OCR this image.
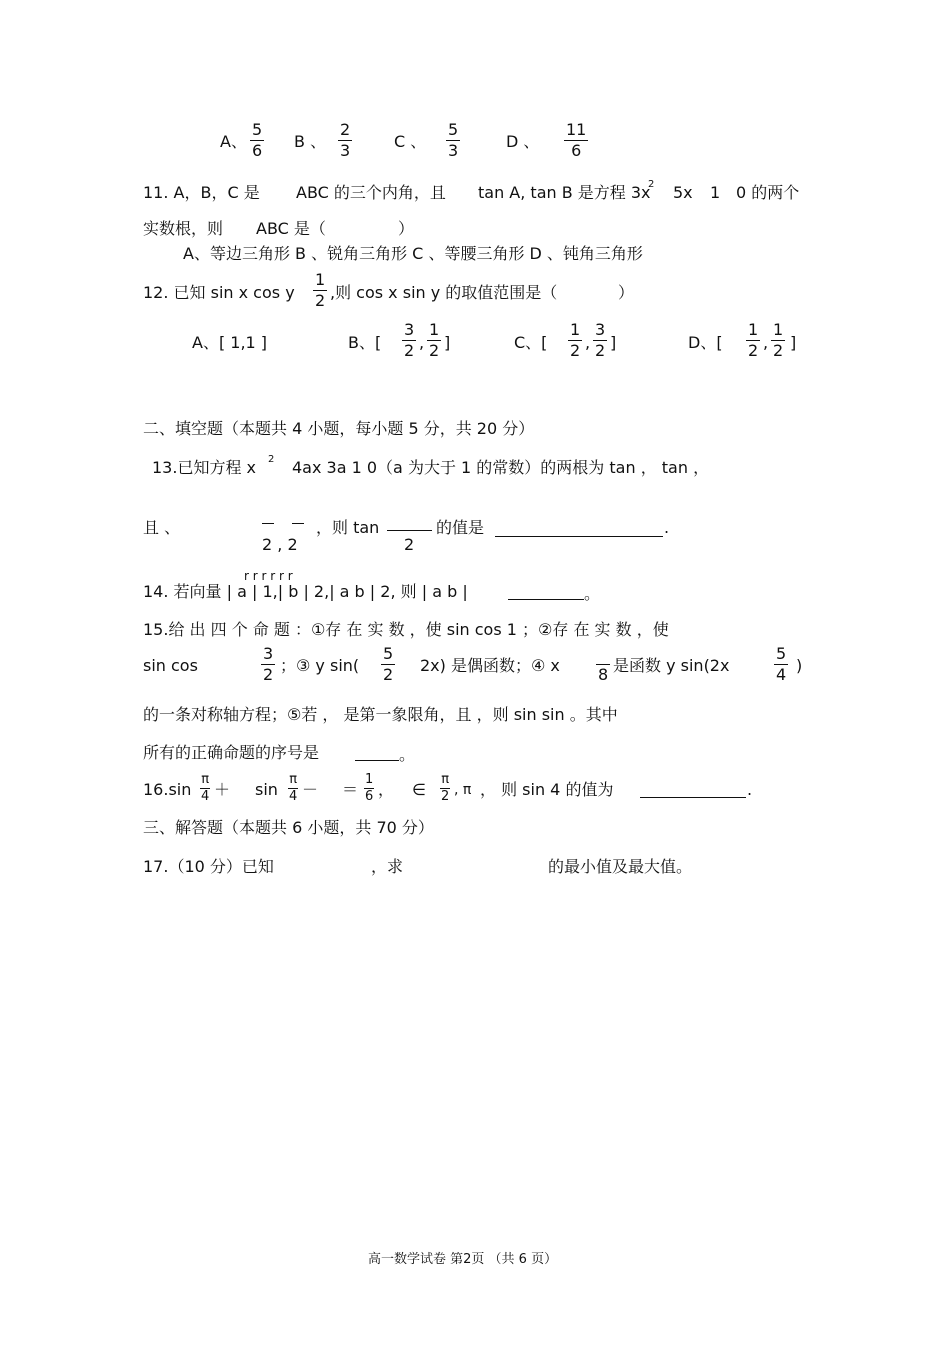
A、
5
6 B 、
2
3	C 、
5
3	D 、
11
6
11. A，B，C 是 ABC 的三个内角，且 tan A, tan B 是方程 3x
2 5x 1 0 的两个
实数根，则 ABC 是（	）
A、等边三角形 B 、锐角三角形 C 、等腰三角形 D 、钝角三角形
12. 已知 sin x cos y
1
2 ,则 cos x sin y 的取值范围是（	）
A、[ 1,1 ]	B、[
3
2 ,
1
2 ]	C、[
1
2 ,
3
2 ]	D、[
1
2 ,
1
2 ]
二、填空题（本题共 4 小题，每小题 5 分，共 20 分）
13.已知方程 x 2 4ax 3a 1 0（a 为大于 1 的常数）的两根为 tan ， tan ，
且 、
2 , 2
，则 tan
2
的值是	.
r r r r r r
14. 若向量 | a | 1,| b | 2,| a b | 2, 则 | a b |	。
15.给 出 四 个 命 题 ：①存 在 实 数 ，使 sin cos 1 ；②存 在 实 数 ，使
sin cos
3
2 ；③ y sin(
5
2 2x) 是偶函数；④ x
8 是函数 y sin(2x
5
4 )
的一条对称轴方程；⑤若 ， 是第一象限角，且 ，则 sin sin 。其中
所有的正确命题的序号是	。
16.sin
π
4 ＋ sin
π
4 － ＝
1
6 ， ∈
π
2 , π ， 则 sin 4 的值为	.
三、解答题（本题共 6 小题，共 70 分）
17.（10 分）已知	，求	的最小值及最大值。
高一数学试卷 第2页 （共 6 页）
